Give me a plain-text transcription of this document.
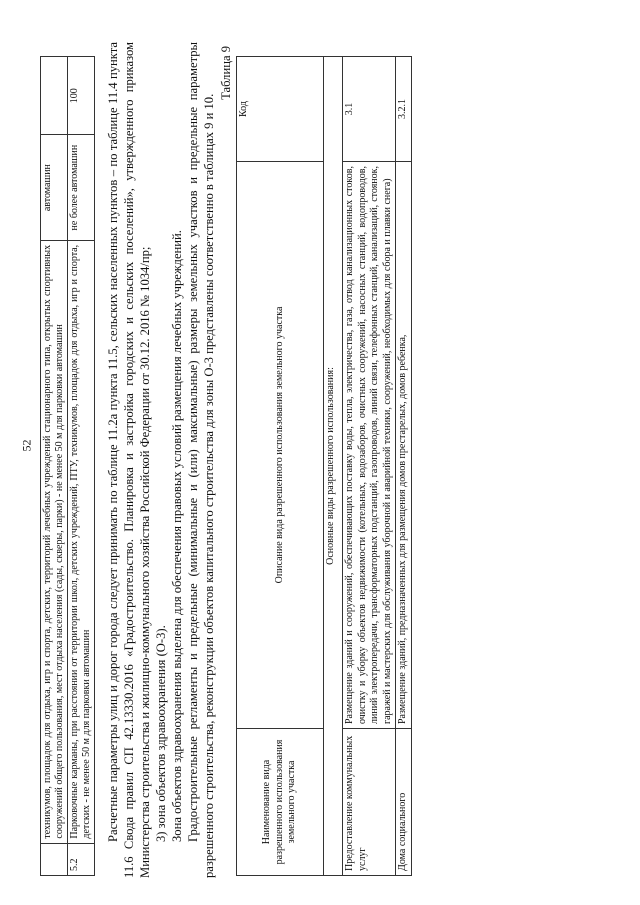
52
	техникумов, площадок для отдыха, игр и спорта, детских, территорий лечебных учреждений стационарного типа, открытых спортивных сооружений общего пользования, мест отдыха населения (сады, скверы, парки) - не менее 50 м для парковки автомашин	автомашин	
5.2	Парковочные карманы, при расстоянии от территории школ, детских учреждений, ПТУ, техникумов, площадок для отдыха, игр и спорта, детских - не менее 50 м для парковки автомашин	не более автомашин	100 Расчетные параметры улиц и дорог города следует принимать по таблице 11.2а пункта 11.5, сельских населенных пунктов – по таблице 11.4 пункта 11.6 Свода правил СП 42.13330.2016 «Градостроительство. Планировка и застройка городских и сельских поселений», утвержденного приказом Министерства строительства и жилищно-коммунального хозяйства Российской Федерации от 30.12. 2016 № 1034/пр; 3) зона объектов здравоохранения (О-3). Зона объектов здравоохранения выделена для обеспечения правовых условий размещения лечебных учреждений. Градостроительные регламенты и предельные (минимальные и (или) максимальные) размеры земельных участков и предельные параметры разрешенного строительства, реконструкции объектов капитального строительства для зоны О-3 представлены соответственно в таблицах 9 и 10.

Таблица 9
Наименование вида разрешенного использования земельного участка	Описание вида разрешенного использования земельного участка	Код
Основные виды разрешенного использования:		
Предоставление коммунальных услуг	Размещение зданий и сооружений, обеспечивающих поставку воды, тепла, электричества, газа, отвод канализационных стоков, очистку и уборку объектов недвижимости (котельных, водозаборов, очистных сооружений, насосных станций, водопроводов, линий электропередачи, трансформаторных подстанций, газопроводов, линий связи, телефонных станций, канализаций, стоянок, гаражей и мастерских для обслуживания уборочной и аварийной техники, сооружений, необходимых для сбора и плавки снега)	3.1
Дома социального	Размещение зданий, предназначенных для размещения домов престарелых, домов ребенка,	3.2.1
